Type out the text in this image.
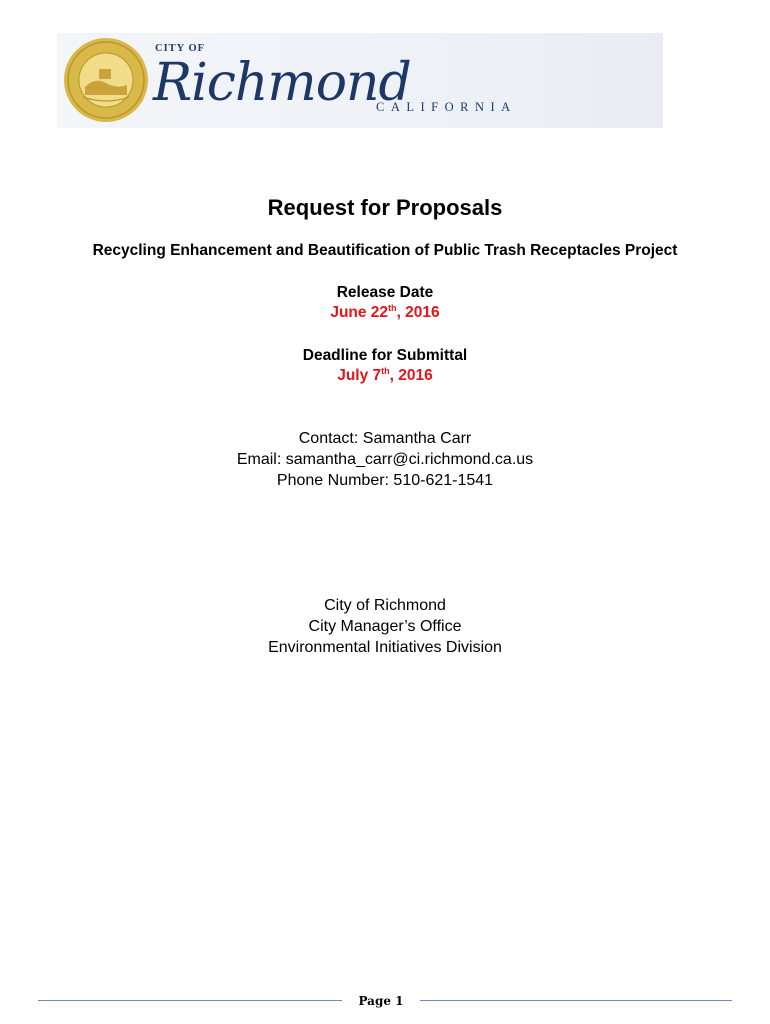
CITY OF
Richmond
CALIFORNIA
Request for Proposals
Recycling Enhancement and Beautification of Public Trash Receptacles Project
Release Date
June 22th, 2016
Deadline for Submittal
July 7th, 2016
Contact: Samantha Carr
Email: samantha_carr@ci.richmond.ca.us
Phone Number: 510-621-1541
City of Richmond
City Manager’s Office
Environmental Initiatives Division
Page 1
